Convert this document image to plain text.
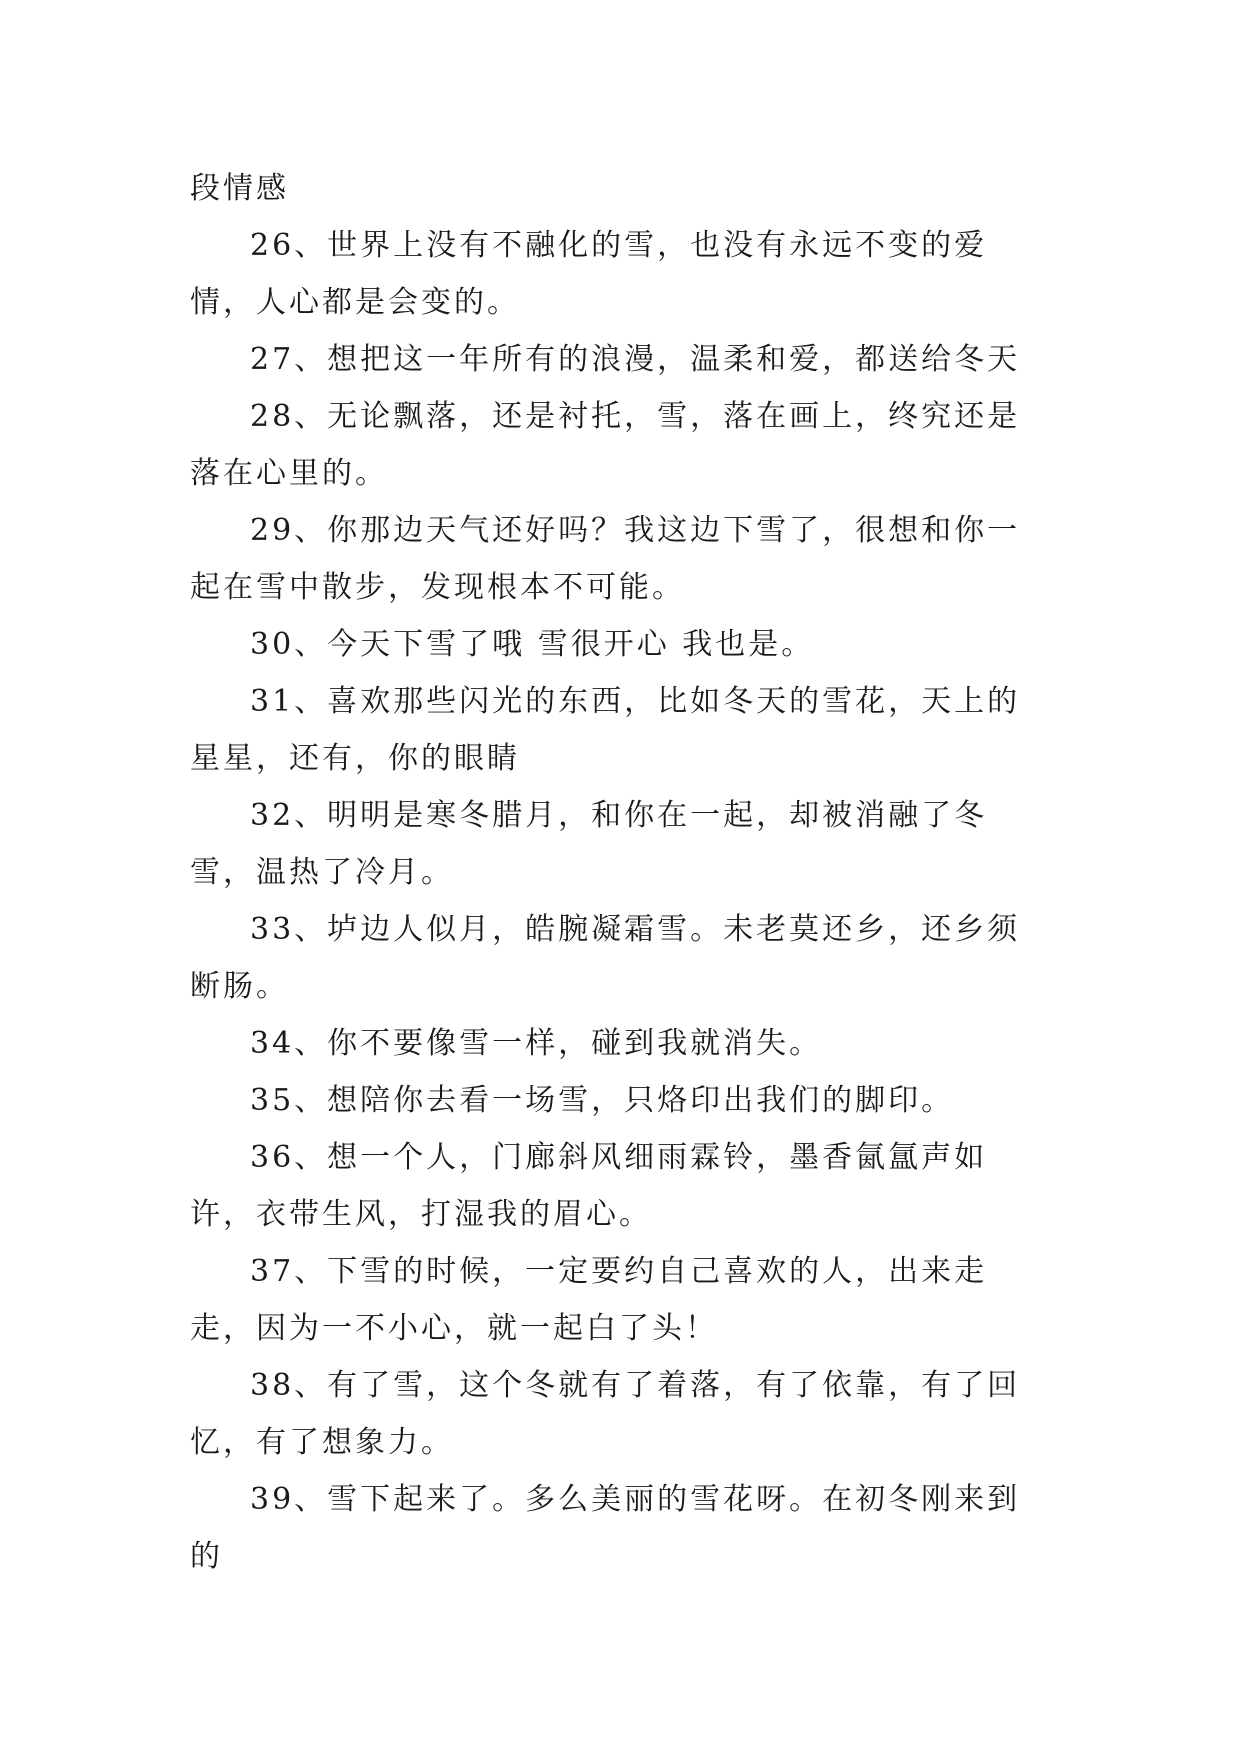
段情感

26、世界上没有不融化的雪，也没有永远不变的爱情，人心都是会变的。

27、想把这一年所有的浪漫，温柔和爱，都送给冬天

28、无论飘落，还是衬托，雪，落在画上，终究还是落在心里的。

29、你那边天气还好吗？我这边下雪了，很想和你一起在雪中散步，发现根本不可能。

30、今天下雪了哦 雪很开心 我也是。

31、喜欢那些闪光的东西，比如冬天的雪花，天上的星星，还有，你的眼睛

32、明明是寒冬腊月，和你在一起，却被消融了冬雪，温热了冷月。

33、垆边人似月，皓腕凝霜雪。未老莫还乡，还乡须断肠。

34、你不要像雪一样，碰到我就消失。

35、想陪你去看一场雪，只烙印出我们的脚印。

36、想一个人，门廊斜风细雨霖铃，墨香氤氲声如许，衣带生风，打湿我的眉心。

37、下雪的时候，一定要约自己喜欢的人，出来走走，因为一不小心，就一起白了头！

38、有了雪，这个冬就有了着落，有了依靠，有了回忆，有了想象力。

39、雪下起来了。多么美丽的雪花呀。在初冬刚来到的
